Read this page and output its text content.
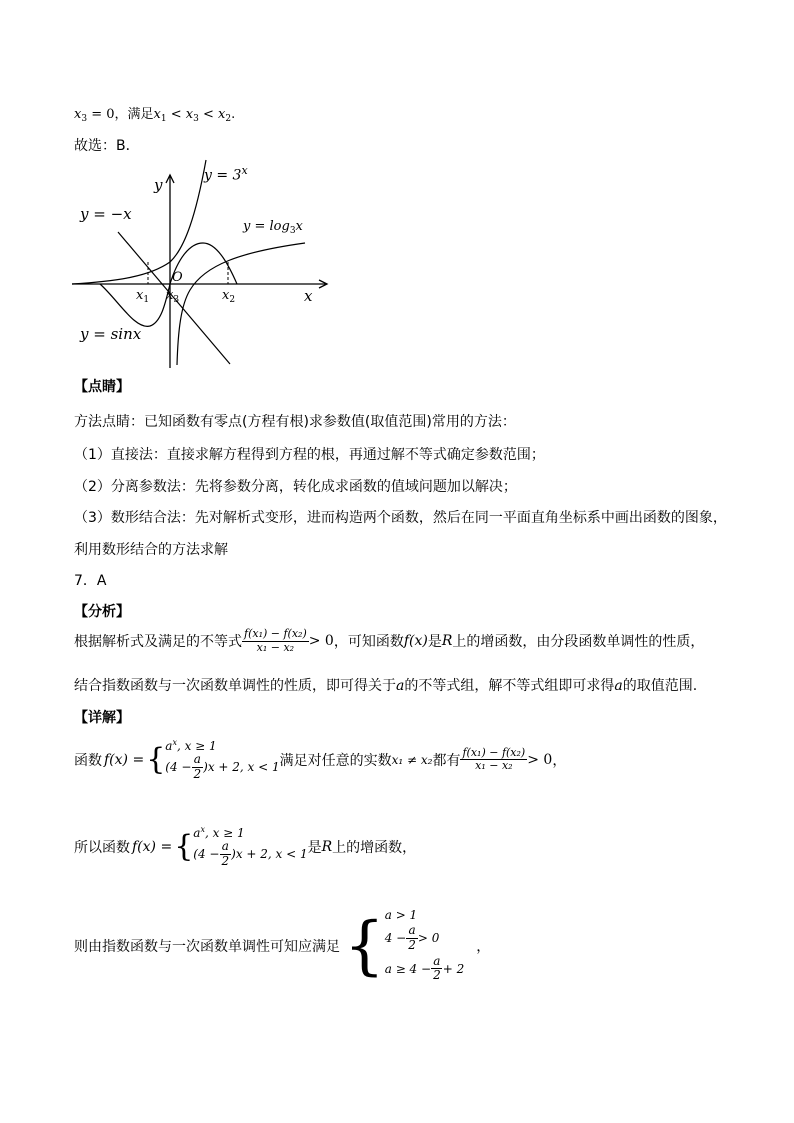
$x_3 = 0$，满足$x_1 < x_3 < x_2$.
故选：B．
y
x
O
$y = 3^x$
y = −x
$y = \log_3x$
y = sinx
$x_1$ $x_3$	$x_2$
【点睛】
方法点睛：已知函数有零点(方程有根)求参数值(取值范围)常用的方法：
（1）直接法：直接求解方程得到方程的根，再通过解不等式确定参数范围；
（2）分离参数法：先将参数分离，转化成求函数的值域问题加以解决；
（3）数形结合法：先对解析式变形，进而构造两个函数，然后在同一平面直角坐标系中画出函数的图象，
利用数形结合的方法求解
7．A
【分析】
根据解析式及满足的不等式 $\frac{\text{f(x₁) − f(x₂)}}{\text{x₁ − x₂}} > 0$ ，可知函数 f(x) 是 R 上的增函数，由分段函数单调性的性质，
结合指数函数与一次函数单调性的性质，即可得关于a的不等式组，解不等式组即可求得a的取值范围.
【详解】
函数 f(x) = { $a^x$, x ≥ 1
( $4 - \frac{a}{2}$ ) x + 2, x < 1 满足对任意的实数 x₁ ≠ x₂ 都有 $\frac{\text{f(x₁) − f(x₂)}}{\text{x₁ − x₂}} > 0$ ，
所以函数 f(x) = { $a^x$, x ≥ 1
( $4 - \frac{a}{2}$ ) x + 2, x < 1 是 R 上的增函数，
则由指数函数与一次函数单调性可知应满足 { a > 1
$4 - \frac{a}{2} > 0$
$a \ge 4 - \frac{a}{2} + 2$
，
